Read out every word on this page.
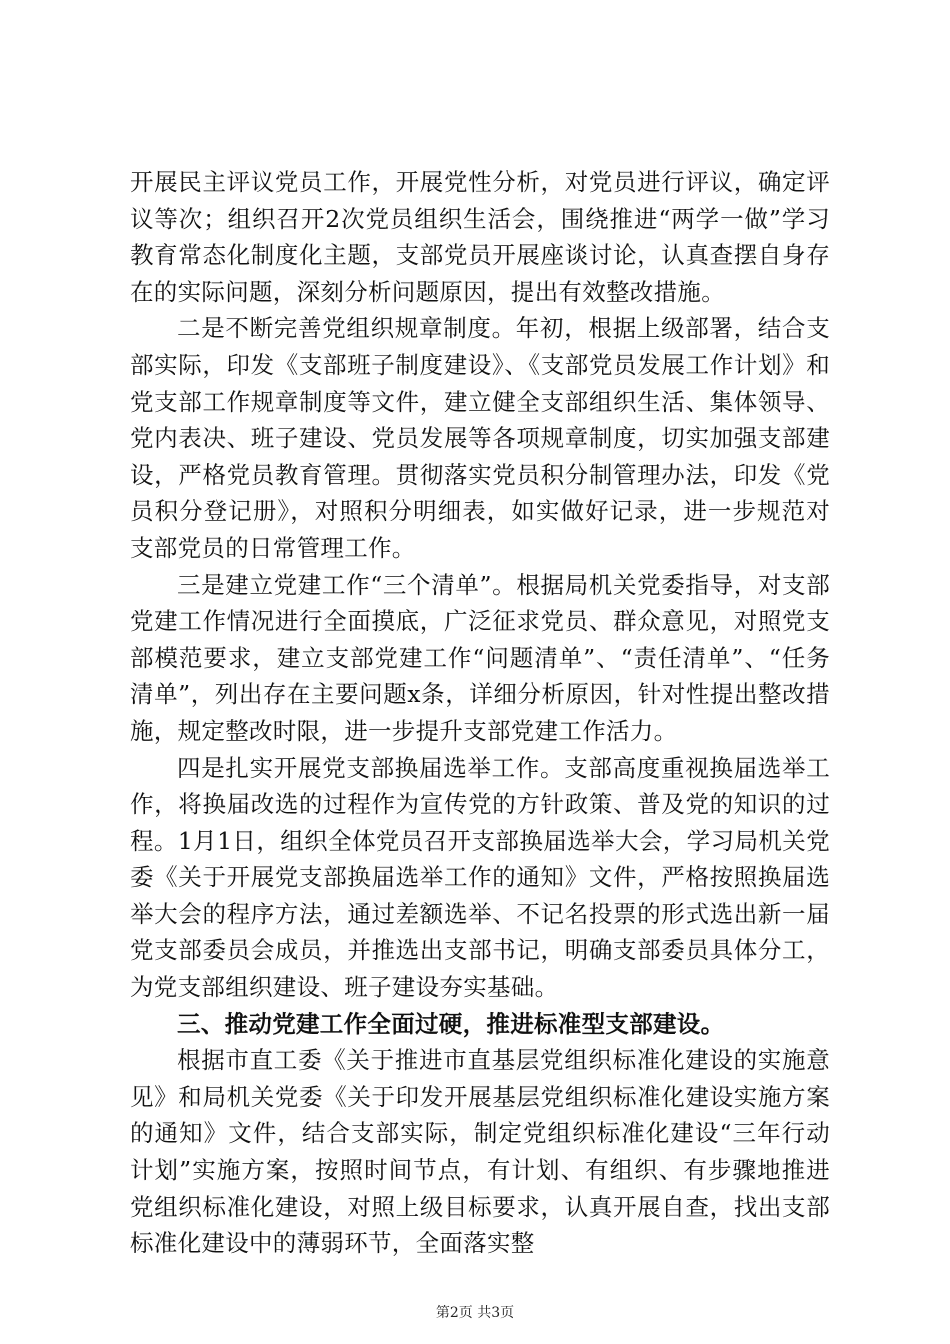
开展民主评议党员工作，开展党性分析，对党员进行评议，确定评议等次；组织召开2次党员组织生活会，围绕推进“两学一做”学习教育常态化制度化主题，支部党员开展座谈讨论，认真查摆自身存在的实际问题，深刻分析问题原因，提出有效整改措施。

二是不断完善党组织规章制度。年初，根据上级部署，结合支部实际，印发《支部班子制度建设》、《支部党员发展工作计划》和党支部工作规章制度等文件，建立健全支部组织生活、集体领导、党内表决、班子建设、党员发展等各项规章制度，切实加强支部建设，严格党员教育管理。贯彻落实党员积分制管理办法，印发《党员积分登记册》，对照积分明细表，如实做好记录，进一步规范对支部党员的日常管理工作。

三是建立党建工作“三个清单”。根据局机关党委指导，对支部党建工作情况进行全面摸底，广泛征求党员、群众意见，对照党支部模范要求，建立支部党建工作“问题清单”、“责任清单”、“任务清单”，列出存在主要问题x条，详细分析原因，针对性提出整改措施，规定整改时限，进一步提升支部党建工作活力。

四是扎实开展党支部换届选举工作。支部高度重视换届选举工作，将换届改选的过程作为宣传党的方针政策、普及党的知识的过程。1月1日，组织全体党员召开支部换届选举大会，学习局机关党委《关于开展党支部换届选举工作的通知》文件，严格按照换届选举大会的程序方法，通过差额选举、不记名投票的形式选出新一届党支部委员会成员，并推选出支部书记，明确支部委员具体分工，为党支部组织建设、班子建设夯实基础。

三、推动党建工作全面过硬，推进标准型支部建设。

根据市直工委《关于推进市直基层党组织标准化建设的实施意见》和局机关党委《关于印发开展基层党组织标准化建设实施方案的通知》文件，结合支部实际，制定党组织标准化建设“三年行动计划”实施方案，按照时间节点，有计划、有组织、有步骤地推进党组织标准化建设，对照上级目标要求，认真开展自查，找出支部标准化建设中的薄弱环节，全面落实整

第2页 共3页
